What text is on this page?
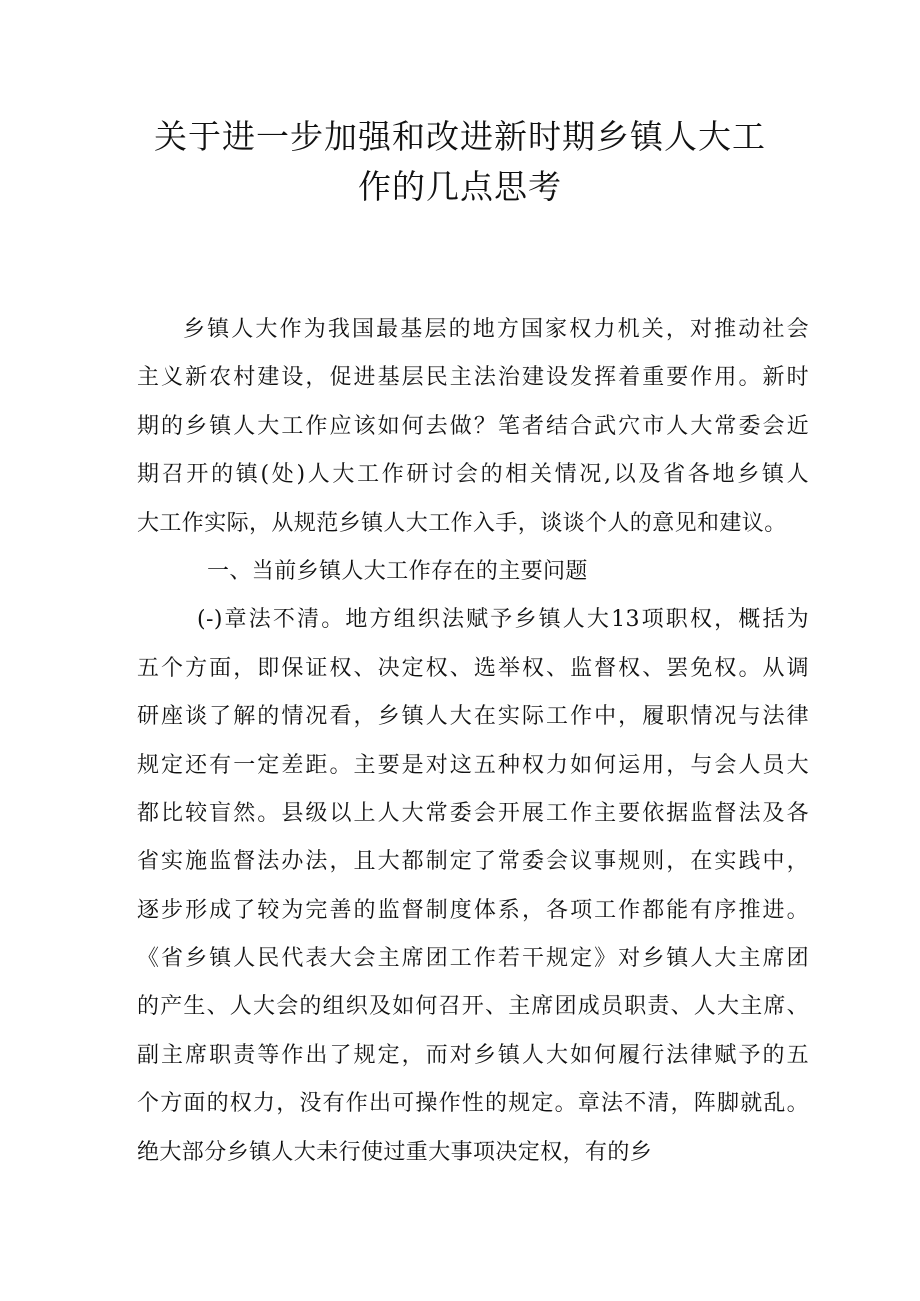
关于进一步加强和改进新时期乡镇人大工
作的几点思考
乡镇人大作为我国最基层的地方国家权力机关，对推动社会
主义新农村建设，促进基层民主法治建设发挥着重要作用。新时
期的乡镇人大工作应该如何去做？笔者结合武穴市人大常委会近
期召开的镇(处)人大工作研讨会的相关情况,以及省各地乡镇人
大工作实际，从规范乡镇人大工作入手，谈谈个人的意见和建议。
一、当前乡镇人大工作存在的主要问题
(-)章法不清。地方组织法赋予乡镇人大13项职权，概括为
五个方面，即保证权、决定权、选举权、监督权、罢免权。从调
研座谈了解的情况看，乡镇人大在实际工作中，履职情况与法律
规定还有一定差距。主要是对这五种权力如何运用，与会人员大
都比较盲然。县级以上人大常委会开展工作主要依据监督法及各
省实施监督法办法，且大都制定了常委会议事规则，在实践中，
逐步形成了较为完善的监督制度体系，各项工作都能有序推进。
《省乡镇人民代表大会主席团工作若干规定》对乡镇人大主席团
的产生、人大会的组织及如何召开、主席团成员职责、人大主席、
副主席职责等作出了规定，而对乡镇人大如何履行法律赋予的五
个方面的权力，没有作出可操作性的规定。章法不清，阵脚就乱。
绝大部分乡镇人大未行使过重大事项决定权，有的乡
